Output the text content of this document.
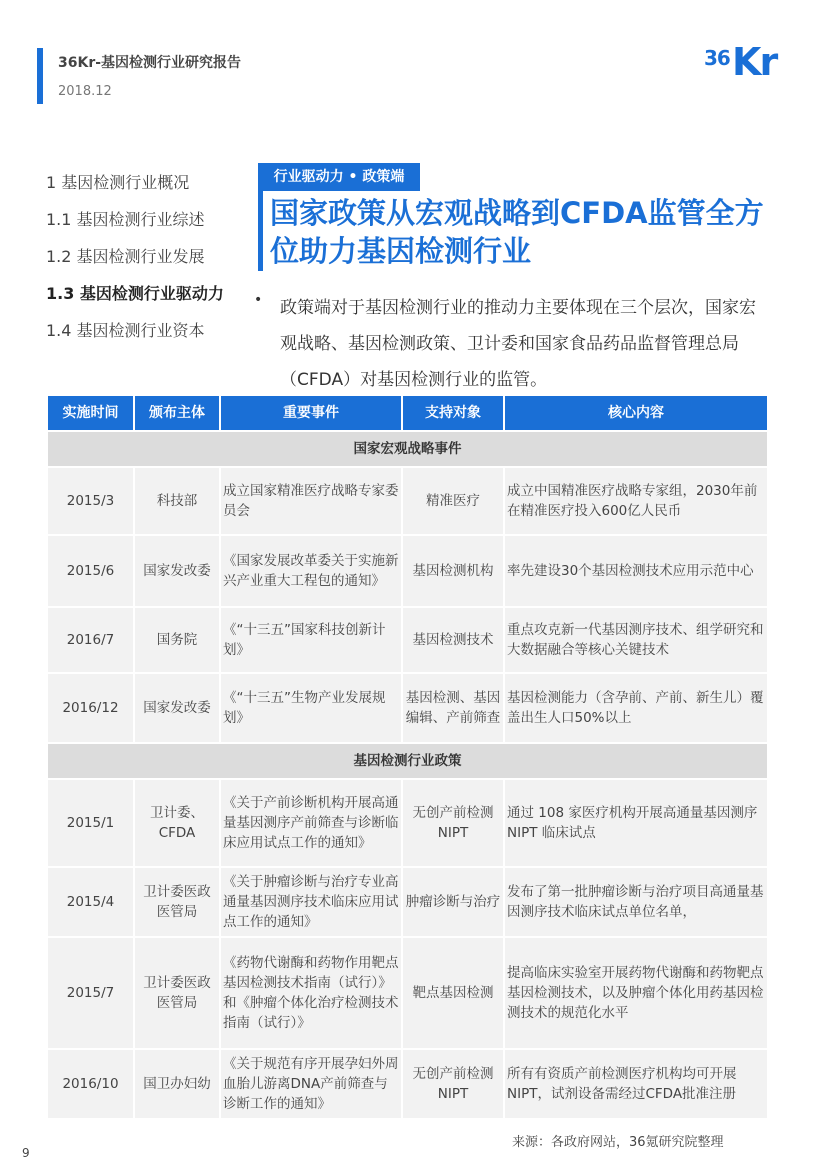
36Kr-基因检测行业研究报告
2018.12
36 Kr
1 基因检测行业概况
1.1 基因检测行业综述
1.2 基因检测行业发展
1.3 基因检测行业驱动力
1.4 基因检测行业资本
行业驱动力 • 政策端
国家政策从宏观战略到CFDA监管全方位助力基因检测行业
• 政策端对于基因检测行业的推动力主要体现在三个层次，国家宏观战略、基因检测政策、卫计委和国家食品药品监督管理总局（CFDA）对基因检测行业的监管。
实施时间	颁布主体	重要事件	支持对象	核心内容
国家宏观战略事件				
2015/3	科技部	成立国家精准医疗战略专家委员会	精准医疗	成立中国精准医疗战略专家组，2030年前在精准医疗投入600亿人民币
2015/6	国家发改委	《国家发展改革委关于实施新兴产业重大工程包的通知》	基因检测机构	率先建设30个基因检测技术应用示范中心
2016/7	国务院	《“十三五”国家科技创新计划》	基因检测技术	重点攻克新一代基因测序技术、组学研究和大数据融合等核心关键技术
2016/12	国家发改委	《“十三五”生物产业发展规划》	基因检测、基因编辑、产前筛查	基因检测能力（含孕前、产前、新生儿）覆盖出生人口50%以上
基因检测行业政策				
2015/1	卫计委、CFDA	《关于产前诊断机构开展高通量基因测序产前筛查与诊断临床应用试点工作的通知》	无创产前检测NIPT	通过 108 家医疗机构开展高通量基因测序 NIPT 临床试点
2015/4	卫计委医政医管局	《关于肿瘤诊断与治疗专业高通量基因测序技术临床应用试点工作的通知》	肿瘤诊断与治疗	发布了第一批肿瘤诊断与治疗项目高通量基因测序技术临床试点单位名单，
2015/7	卫计委医政医管局	《药物代谢酶和药物作用靶点基因检测技术指南（试行）》和《肿瘤个体化治疗检测技术指南（试行）》	靶点基因检测	提高临床实验室开展药物代谢酶和药物靶点基因检测技术，以及肿瘤个体化用药基因检测技术的规范化水平
2016/10	国卫办妇幼	《关于规范有序开展孕妇外周血胎儿游离DNA产前筛查与诊断工作的通知》	无创产前检测NIPT	所有有资质产前检测医疗机构均可开展NIPT，试剂设备需经过CFDA批准注册
来源：各政府网站，36氪研究院整理
9
